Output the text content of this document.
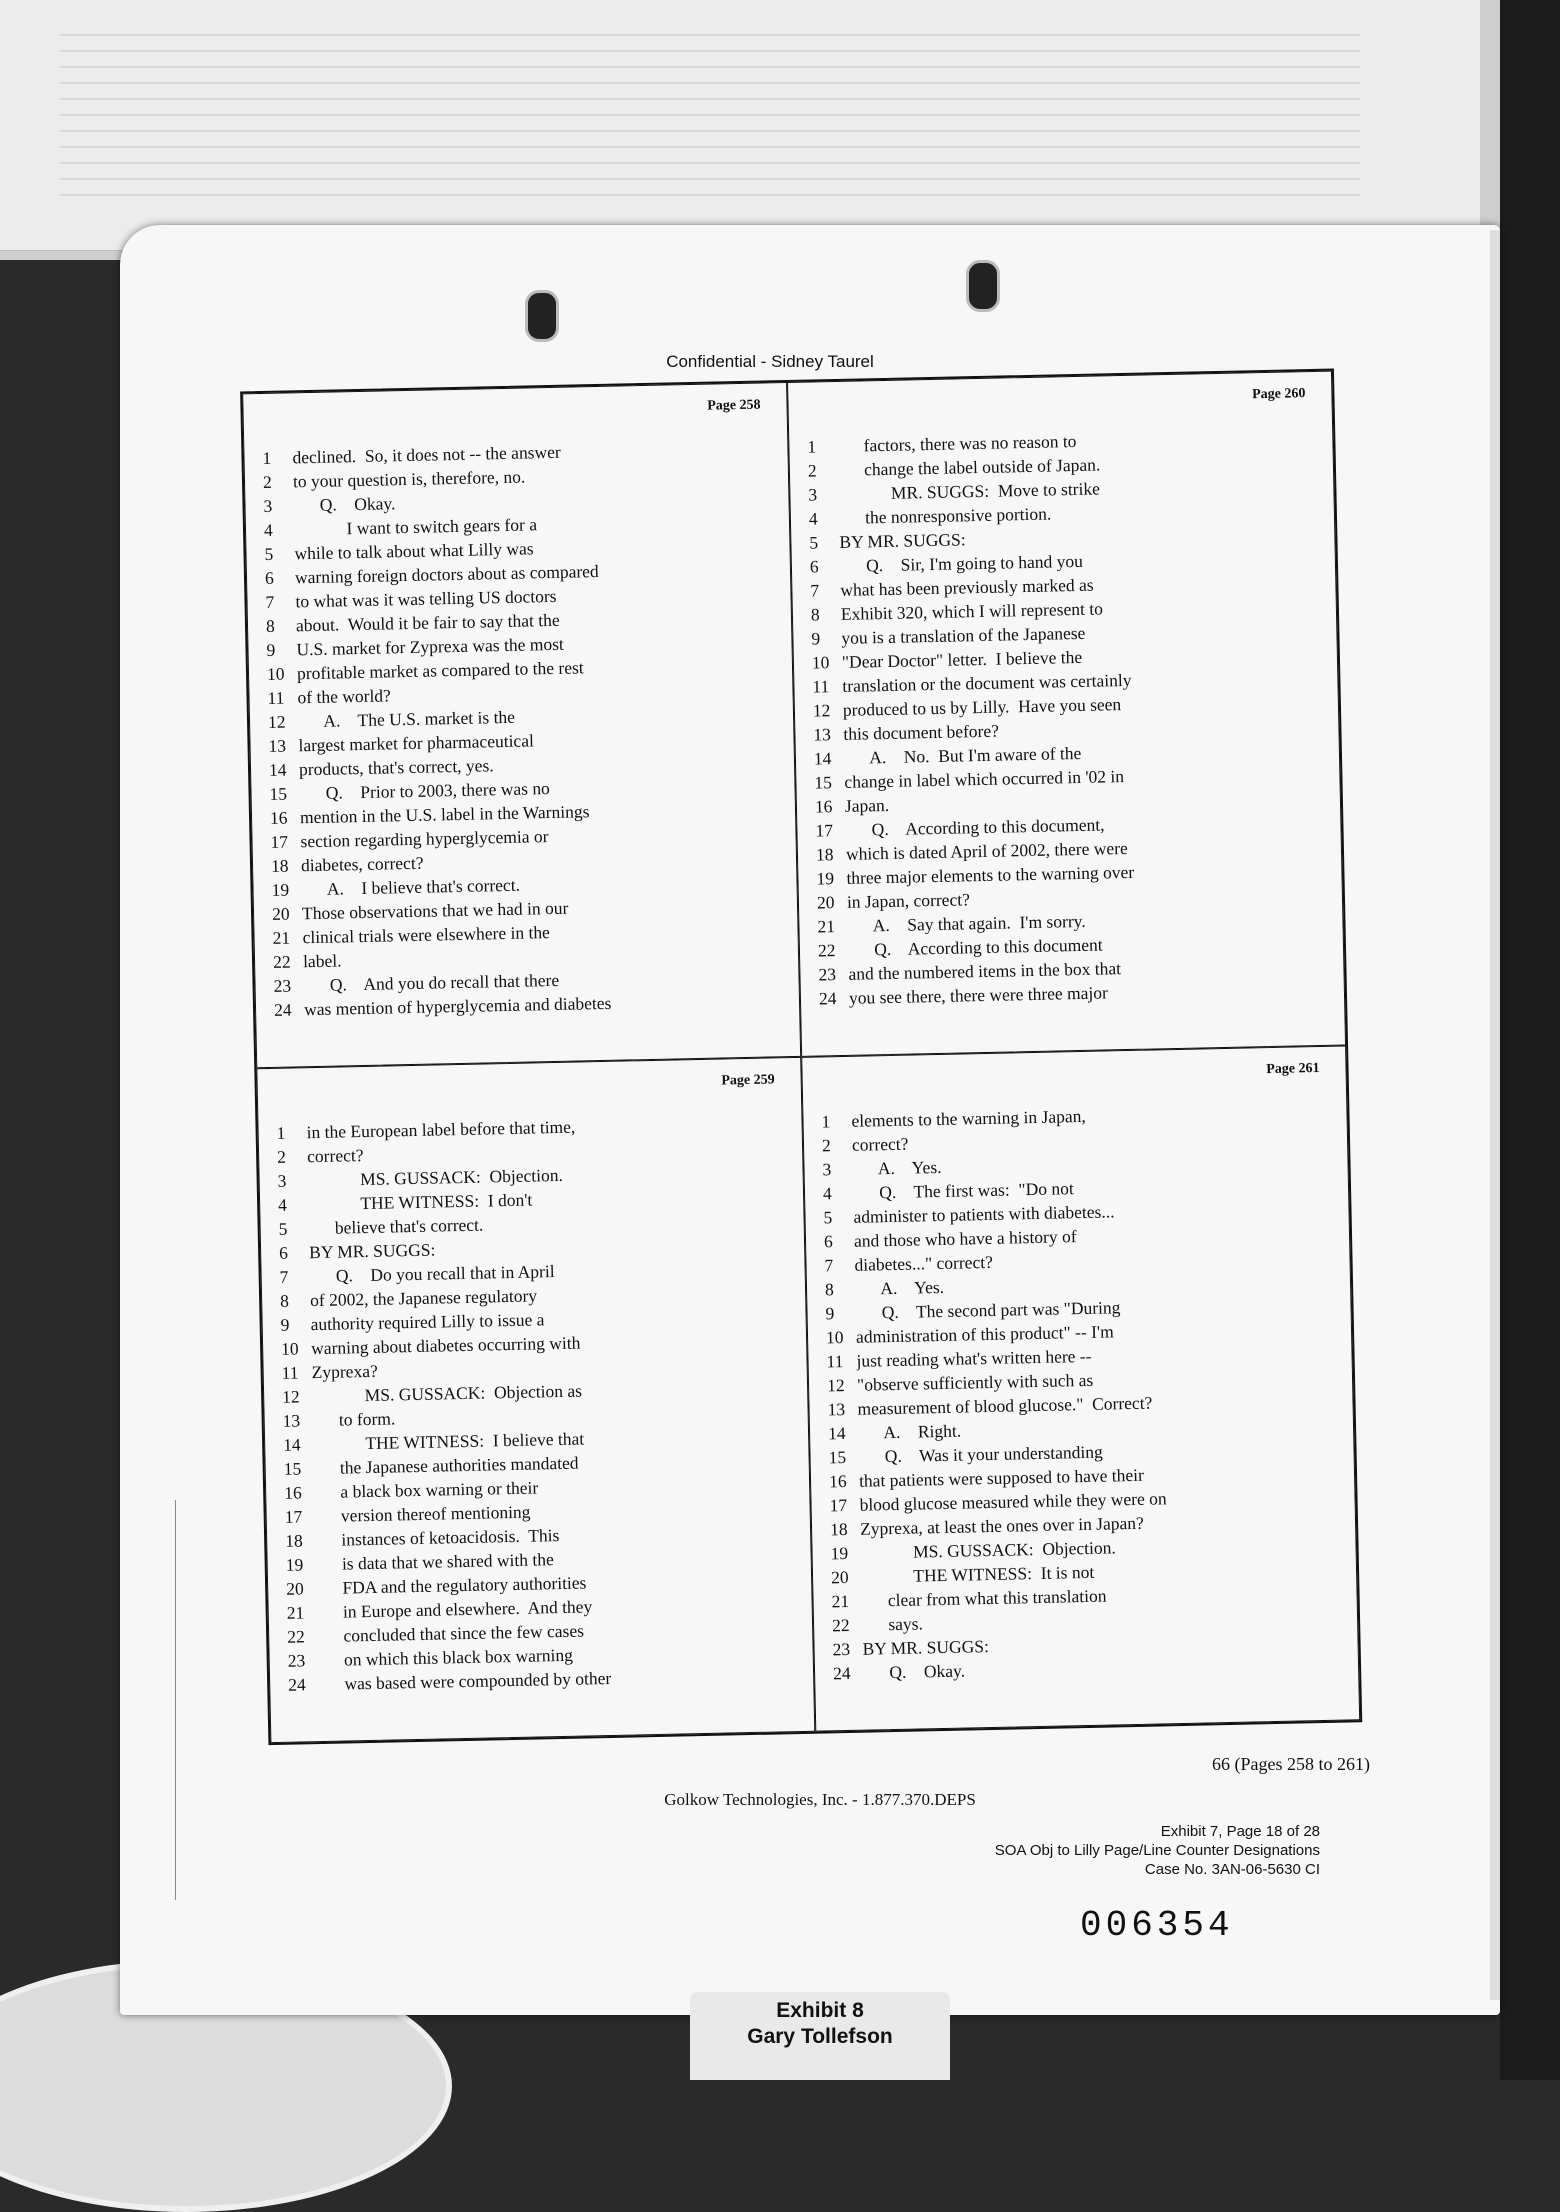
Confidential - Sidney Taurel
Page 258
1	declined.  So, it does not -- the answer
2	to your question is, therefore, no.
3	Q.    Okay.
4	I want to switch gears for a
5	while to talk about what Lilly was
6	warning foreign doctors about as compared
7	to what was it was telling US doctors
8	about.  Would it be fair to say that the
9	U.S. market for Zyprexa was the most
10 profitable market as compared to the rest
11 of the world?
12 A.    The U.S. market is the
13 largest market for pharmaceutical
14 products, that's correct, yes.
15 Q.    Prior to 2003, there was no
16 mention in the U.S. label in the Warnings
17 section regarding hyperglycemia or
18 diabetes, correct?
19 A.    I believe that's correct.
20 Those observations that we had in our
21 clinical trials were elsewhere in the
22 label.
23 Q.    And you do recall that there
24 was mention of hyperglycemia and diabetes
Page 260
1	factors, there was no reason to
2	change the label outside of Japan.
3	MR. SUGGS:  Move to strike
4	the nonresponsive portion.
5	BY MR. SUGGS:
6	Q.    Sir, I'm going to hand you
7	what has been previously marked as
8	Exhibit 320, which I will represent to
9	you is a translation of the Japanese
10 "Dear Doctor" letter.  I believe the
11 translation or the document was certainly
12 produced to us by Lilly.  Have you seen
13 this document before?
14 A.    No.  But I'm aware of the
15 change in label which occurred in '02 in
16 Japan.
17 Q.    According to this document,
18 which is dated April of 2002, there were
19 three major elements to the warning over
20 in Japan, correct?
21 A.    Say that again.  I'm sorry.
22 Q.    According to this document
23 and the numbered items in the box that
24 you see there, there were three major
Page 259
1	in the European label before that time,
2	correct?
3	MS. GUSSACK:  Objection.
4	THE WITNESS:  I don't
5	believe that's correct.
6	BY MR. SUGGS:
7	Q.    Do you recall that in April
8	of 2002, the Japanese regulatory
9	authority required Lilly to issue a
10 warning about diabetes occurring with
11 Zyprexa?
12 MS. GUSSACK:  Objection as
13 to form.
14 THE WITNESS:  I believe that
15 the Japanese authorities mandated
16 a black box warning or their
17 version thereof mentioning
18 instances of ketoacidosis.  This
19 is data that we shared with the
20 FDA and the regulatory authorities
21 in Europe and elsewhere.  And they
22 concluded that since the few cases
23 on which this black box warning
24 was based were compounded by other
Page 261
1	elements to the warning in Japan,
2	correct?
3	A.    Yes.
4	Q.    The first was:  "Do not
5	administer to patients with diabetes...
6	and those who have a history of
7	diabetes..." correct?
8	A.    Yes.
9	Q.    The second part was "During
10 administration of this product" -- I'm
11 just reading what's written here --
12 "observe sufficiently with such as
13 measurement of blood glucose."  Correct?
14 A.    Right.
15 Q.    Was it your understanding
16 that patients were supposed to have their
17 blood glucose measured while they were on
18 Zyprexa, at least the ones over in Japan?
19 MS. GUSSACK:  Objection.
20 THE WITNESS:  It is not
21 clear from what this translation
22 says.
23 BY MR. SUGGS:
24 Q.    Okay.
66 (Pages 258 to 261)
Golkow Technologies, Inc. - 1.877.370.DEPS
Exhibit 7, Page 18 of 28
SOA Obj to Lilly Page/Line Counter Designations
Case No. 3AN-06-5630 CI
006354
Exhibit 8
Gary Tollefson
